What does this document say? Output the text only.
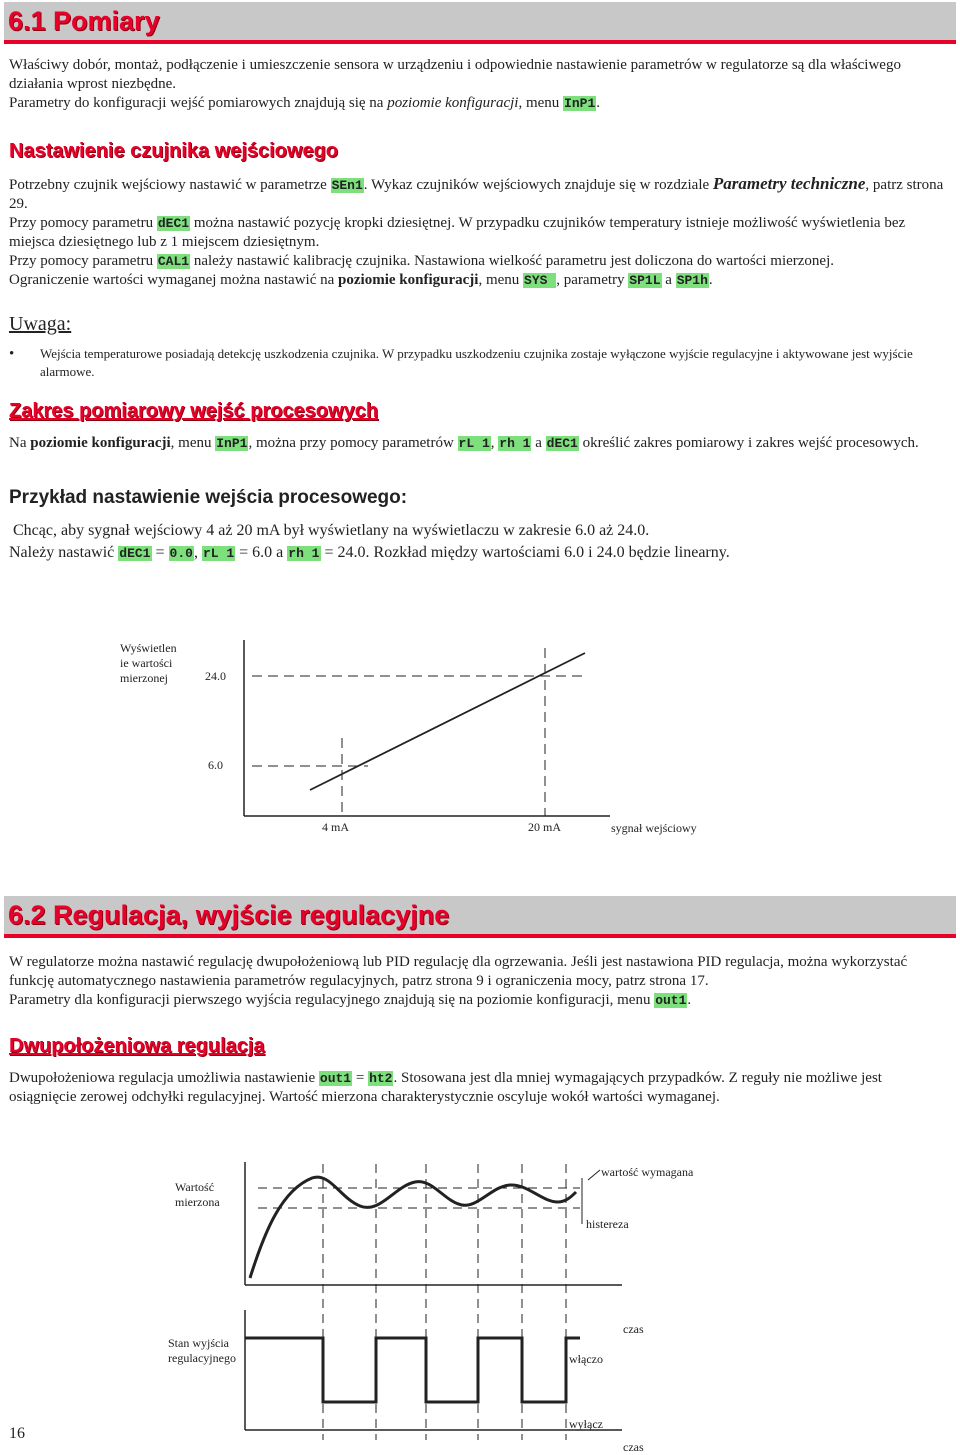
6.1 Pomiary
Właściwy dobór, montaż, podłączenie i umieszczenie sensora w urządzeniu i odpowiednie nastawienie parametrów w regulatorze są dla właściwego działania wprost niezbędne.
Parametry do konfiguracji wejść pomiarowych znajdują się na poziomie konfiguracji, menu InP1.
Nastawienie czujnika wejściowego
Potrzebny czujnik wejściowy nastawić w parametrze SEn1. Wykaz czujników wejściowych znajduje się w rozdziale Parametry techniczne, patrz strona 29.
Przy pomocy parametru dEC1 można nastawić pozycję kropki dziesiętnej. W przypadku czujników temperatury istnieje możliwość wyświetlenia bez miejsca dziesiętnego lub z 1 miejscem dziesiętnym.
Przy pomocy parametru CAL1 należy nastawić kalibrację czujnika. Nastawiona wielkość parametru jest doliczona do wartości mierzonej.
Ograniczenie wartości wymaganej można nastawić na poziomie konfiguracji, menu SYS , parametry SP1L a SP1h.
Uwaga:
•	Wejścia temperaturowe posiadają detekcję uszkodzenia czujnika. W przypadku uszkodzeniu czujnika zostaje wyłączone wyjście regulacyjne i aktywowane jest wyjście alarmowe.
Zakres pomiarowy wejść procesowych
Na poziomie konfiguracji, menu InP1, można przy pomocy parametrów rL 1, rh 1 a dEC1 określić zakres pomiarowy i zakres wejść procesowych.
Przykład nastawienie wejścia procesowego:
Chcąc, aby sygnał wejściowy 4 aż 20 mA był wyświetlany na wyświetlaczu w zakresie 6.0 aż 24.0.
Należy nastawić dEC1 = 0.0, rL 1 = 6.0 a rh 1 = 24.0. Rozkład między wartościami 6.0 i 24.0 będzie linearny.
Wyświetlen ie wartości mierzonej	24.0
6.0
4 mA	20 mA	sygnał wejściowy
6.2 Regulacja, wyjście regulacyjne
W regulatorze można nastawić regulację dwupołożeniową lub PID regulację dla ogrzewania. Jeśli jest nastawiona PID regulacja, można wykorzystać funkcję automatycznego nastawienia parametrów regulacyjnych, patrz strona 9 i ograniczenia mocy, patrz strona 17.
Parametry dla konfiguracji pierwszego wyjścia regulacyjnego znajdują się na poziomie konfiguracji, menu out1.
Dwupołożeniowa regulacja
Dwupołożeniowa regulacja umożliwia nastawienie out1 = ht2. Stosowana jest dla mniej wymagających przypadków. Z reguły nie możliwe jest osiągnięcie zerowej odchyłki regulacyjnej. Wartość mierzona charakterystycznie oscyluje wokół wartości wymaganej.
Wartość mierzona
wartość wymagana
histereza
czas
Stan wyjścia regulacyjnego	włączo
wyłącz
czas
16
